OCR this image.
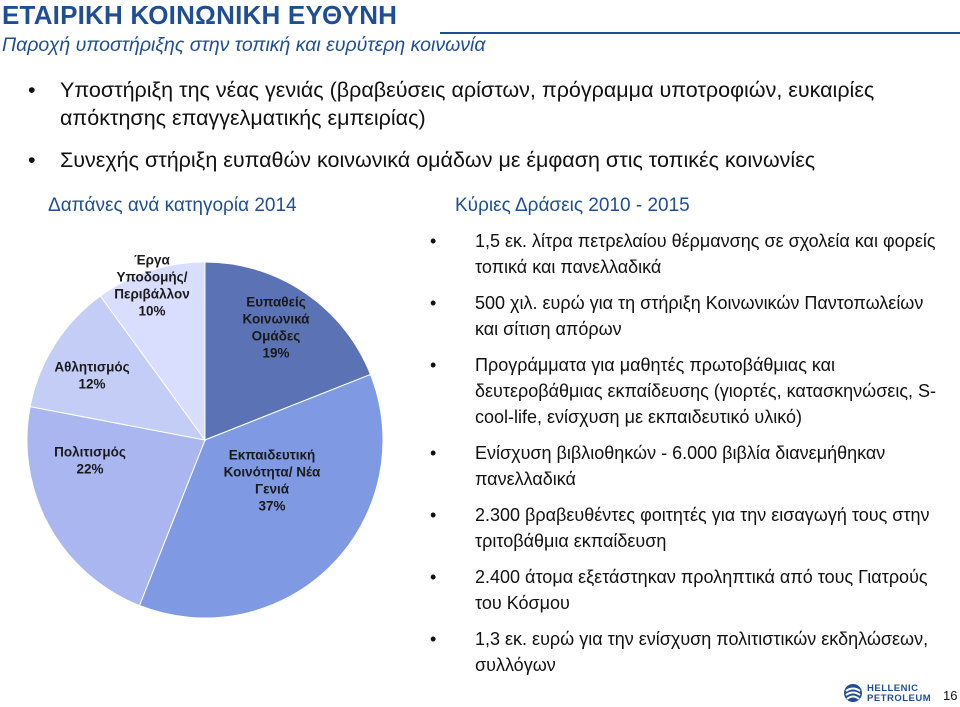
ΕΤΑΙΡΙΚΗ ΚΟΙΝΩΝΙΚΗ ΕΥΘΥΝΗ
Παροχή υποστήριξης στην τοπική και ευρύτερη κοινωνία
• Υποστήριξη της νέας γενιάς (βραβεύσεις αρίστων, πρόγραμμα υποτροφιών, ευκαιρίες απόκτησης επαγγελματικής εμπειρίας)
• Συνεχής στήριξη ευπαθών κοινωνικά ομάδων με έμφαση στις τοπικές κοινωνίες
Δαπάνες ανά κατηγορία 2014	Κύριες Δράσεις 2010 - 2015
Ευπαθείς Κοινωνικά Ομάδες 19%
Εκπαιδευτική Κοινότητα/ Νέα Γενιά 37%
Πολιτισμός 22%
Αθλητισμός 12%
Έργα Υποδομής/ Περιβάλλον 10%
• 1,5 εκ. λίτρα πετρελαίου θέρμανσης σε σχολεία και φορείς τοπικά και πανελλαδικά
• 500 χιλ. ευρώ για τη στήριξη Κοινωνικών Παντοπωλείων και σίτιση απόρων
• Προγράμματα για μαθητές πρωτοβάθμιας και δευτεροβάθμιας εκπαίδευσης (γιορτές, κατασκηνώσεις, S-cool-life, ενίσχυση με εκπαιδευτικό υλικό)
• Ενίσχυση βιβλιοθηκών - 6.000 βιβλία διανεμήθηκαν πανελλαδικά
• 2.300 βραβευθέντες φοιτητές για την εισαγωγή τους στην τριτοβάθμια εκπαίδευση
• 2.400 άτομα εξετάστηκαν προληπτικά από τους Γιατρούς του Κόσμου
• 1,3 εκ. ευρώ για την ενίσχυση πολιτιστικών εκδηλώσεων, συλλόγων
HELLENIC
PETROLEUM 16
